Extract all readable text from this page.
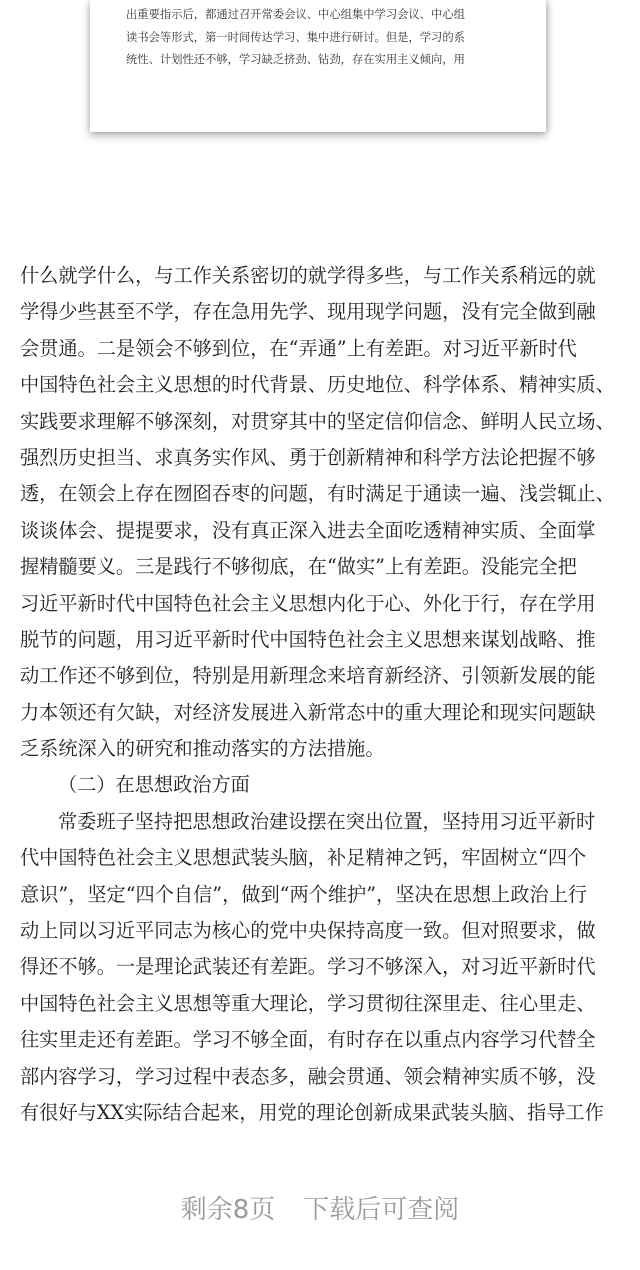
出重要指示后，都通过召开常委会议、中心组集中学习会议、中心组
读书会等形式，第一时间传达学习、集中进行研讨。但是，学习的系
统性、计划性还不够，学习缺乏挤劲、钻劲，存在实用主义倾向，用
什么就学什么，与工作关系密切的就学得多些，与工作关系稍远的就
学得少些甚至不学，存在急用先学、现用现学问题，没有完全做到融
会贯通。二是领会不够到位，在“弄通”上有差距。对习近平新时代
中国特色社会主义思想的时代背景、历史地位、科学体系、精神实质、
实践要求理解不够深刻，对贯穿其中的坚定信仰信念、鲜明人民立场、
强烈历史担当、求真务实作风、勇于创新精神和科学方法论把握不够
透，在领会上存在囫囵吞枣的问题，有时满足于通读一遍、浅尝辄止、
谈谈体会、提提要求，没有真正深入进去全面吃透精神实质、全面掌
握精髓要义。三是践行不够彻底，在“做实”上有差距。没能完全把
习近平新时代中国特色社会主义思想内化于心、外化于行，存在学用
脱节的问题，用习近平新时代中国特色社会主义思想来谋划战略、推
动工作还不够到位，特别是用新理念来培育新经济、引领新发展的能
力本领还有欠缺，对经济发展进入新常态中的重大理论和现实问题缺
乏系统深入的研究和推动落实的方法措施。
（二）在思想政治方面
常委班子坚持把思想政治建设摆在突出位置，坚持用习近平新时
代中国特色社会主义思想武装头脑，补足精神之钙，牢固树立“四个
意识”，坚定“四个自信”，做到“两个维护”，坚决在思想上政治上行
动上同以习近平同志为核心的党中央保持高度一致。但对照要求，做
得还不够。一是理论武装还有差距。学习不够深入，对习近平新时代
中国特色社会主义思想等重大理论，学习贯彻往深里走、往心里走、
往实里走还有差距。学习不够全面，有时存在以重点内容学习代替全
部内容学习，学习过程中表态多，融会贯通、领会精神实质不够，没
有很好与XX实际结合起来，用党的理论创新成果武装头脑、指导工作
剩余8页 下载后可查阅
